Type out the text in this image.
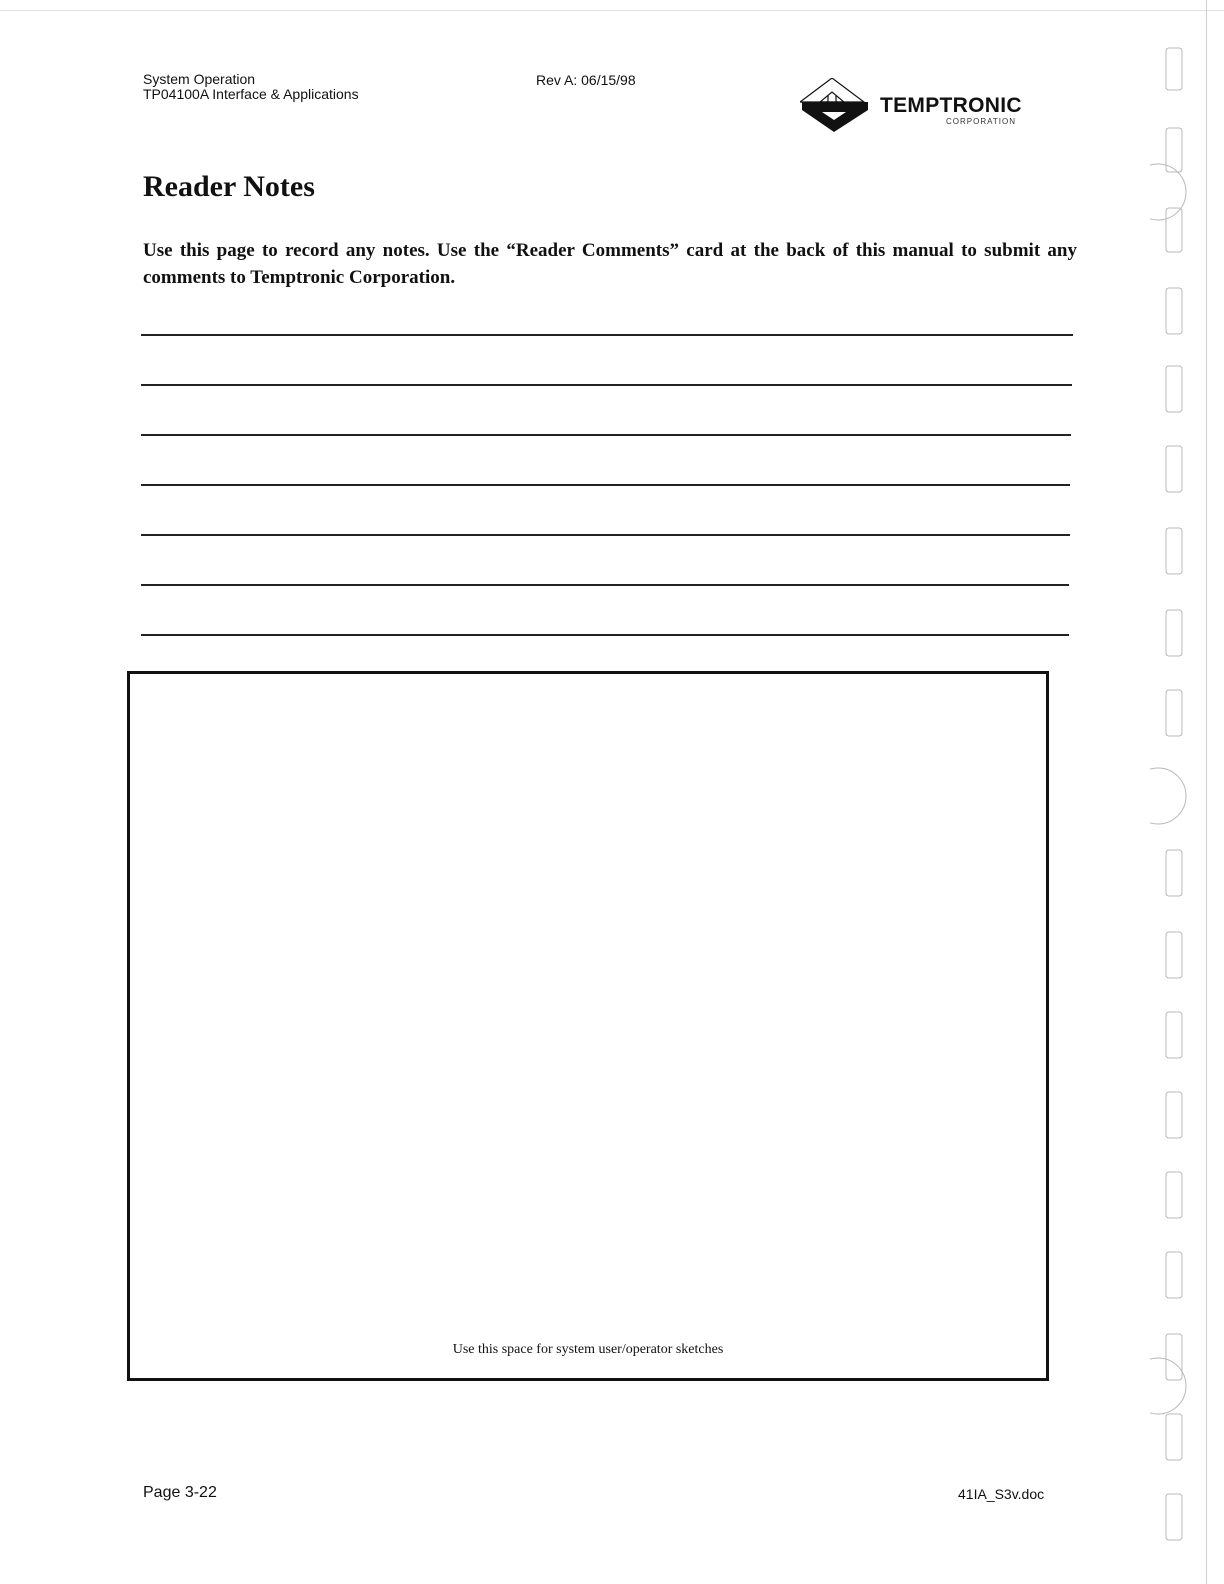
System Operation
TP04100A Interface & Applications
Rev A: 06/15/98
TEMPTRONIC
CORPORATION
Reader Notes

Use this page to record any notes. Use the “Reader Comments” card at the back of this manual to submit any comments to Temptronic Corporation.

Use this space for system user/operator sketches
Page 3-22	41IA_S3v.doc
